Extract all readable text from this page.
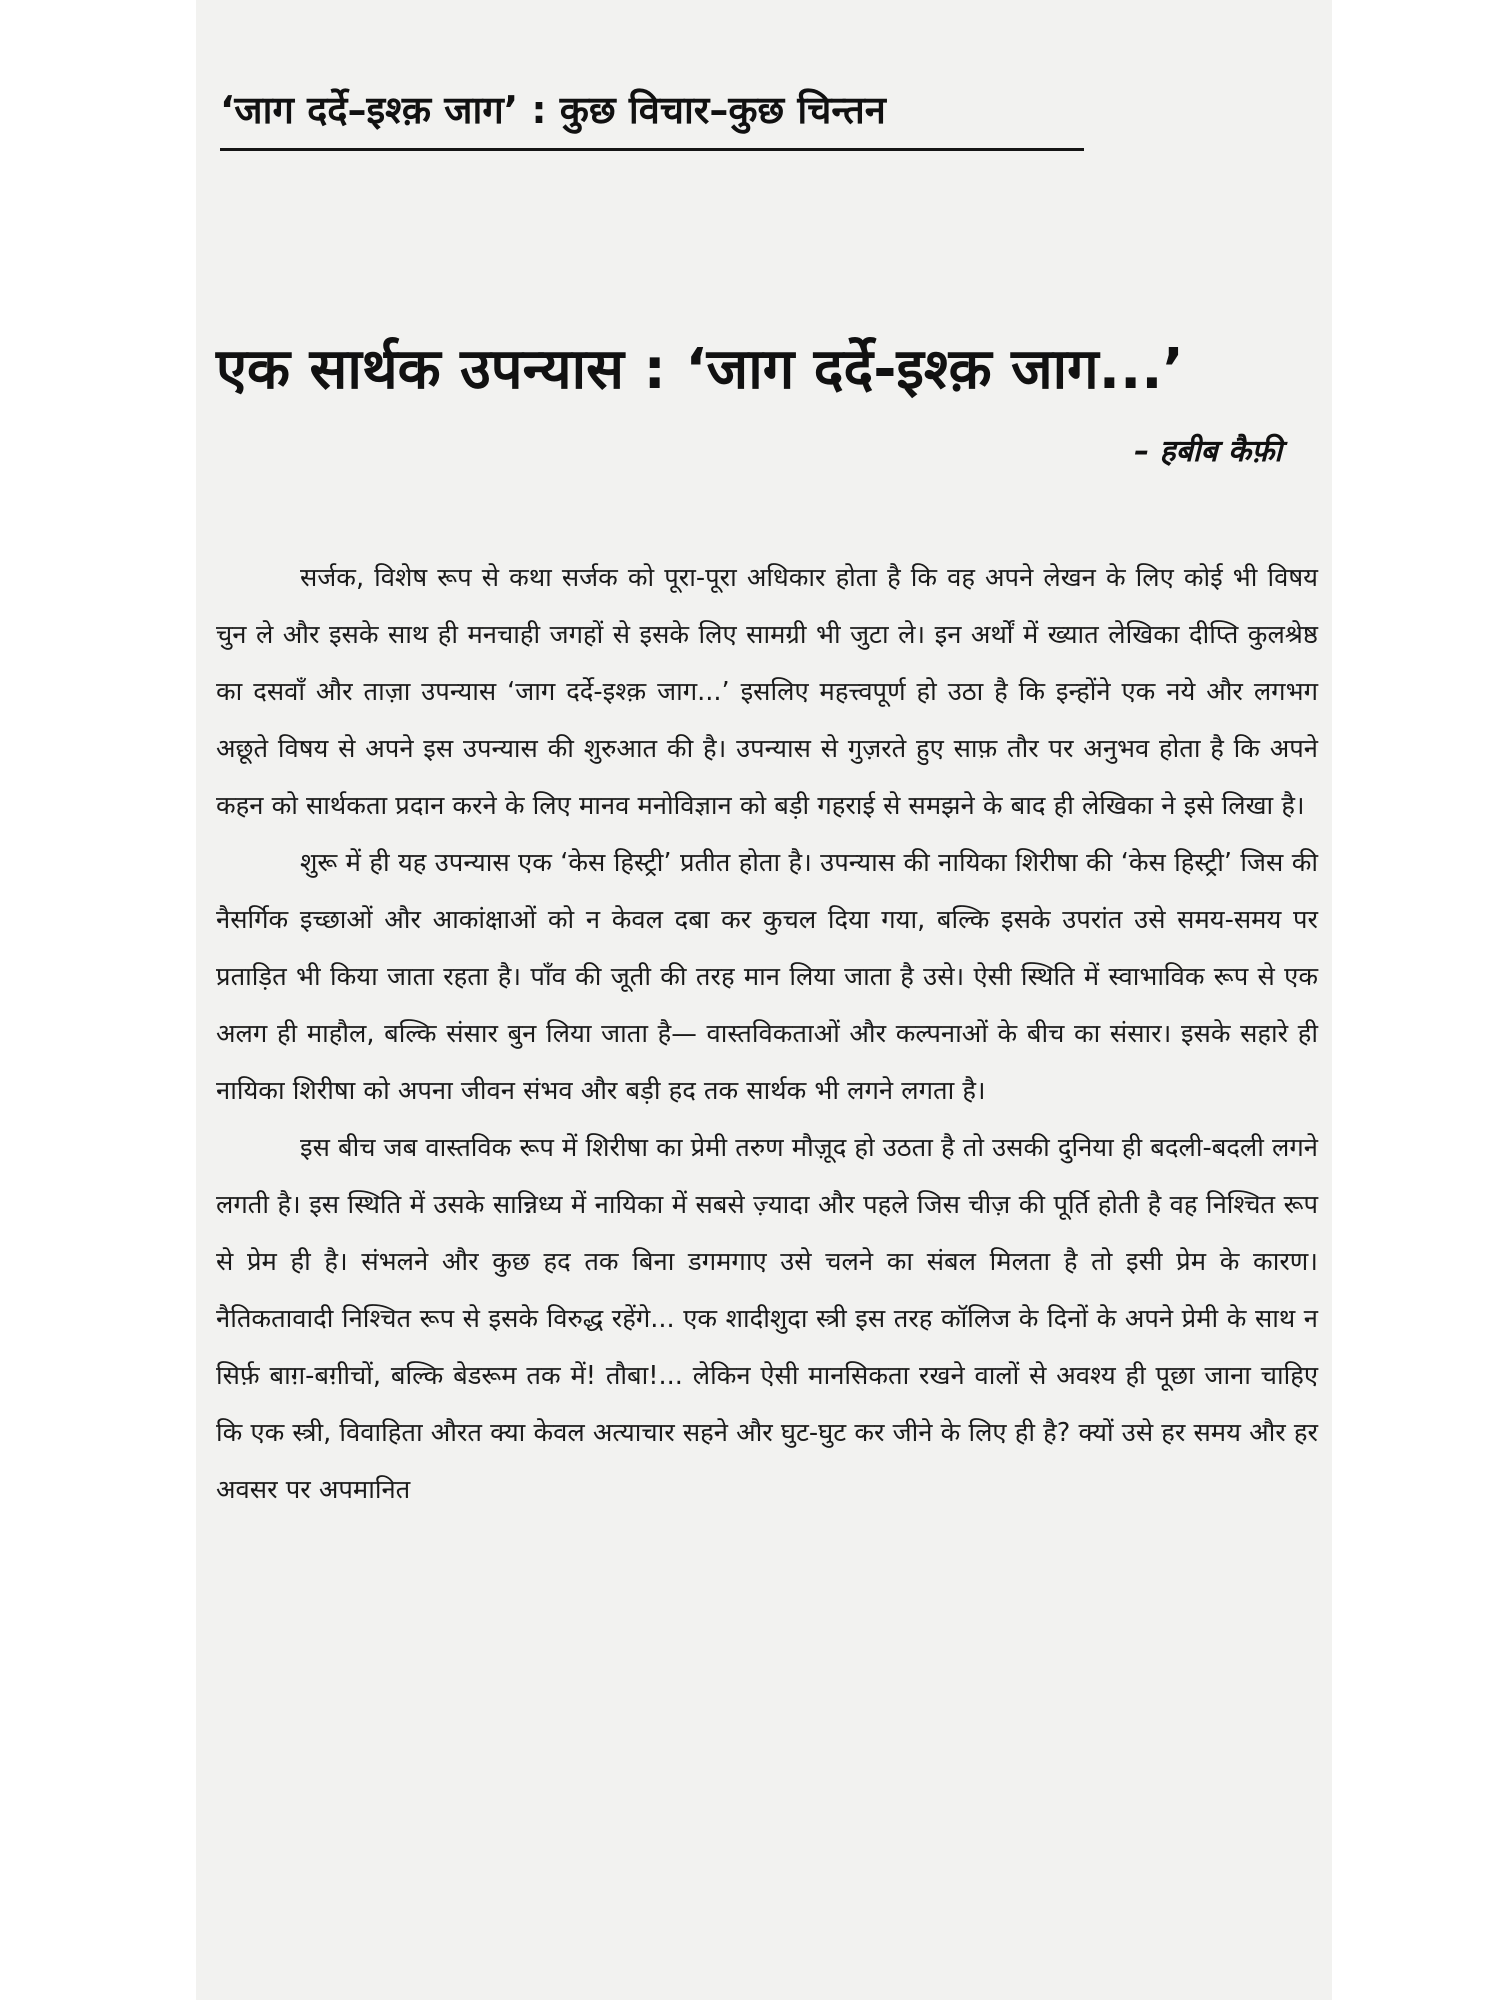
‘जाग दर्दे–इश्क़ जाग’ : कुछ विचार–कुछ चिन्तन
एक सार्थक उपन्यास : ‘जाग दर्दे-इश्क़ जाग...’
– हबीब कैफ़ी

सर्जक, विशेष रूप से कथा सर्जक को पूरा-पूरा अधिकार होता है कि वह अपने लेखन के लिए कोई भी विषय चुन ले और इसके साथ ही मनचाही जगहों से इसके लिए सामग्री भी जुटा ले। इन अर्थों में ख्यात लेखिका दीप्ति कुलश्रेष्ठ का दसवाँ और ताज़ा उपन्यास ‘जाग दर्दे-इश्क़ जाग...’ इसलिए महत्त्वपूर्ण हो उठा है कि इन्होंने एक नये और लगभग अछूते विषय से अपने इस उपन्यास की शुरुआत की है। उपन्यास से गुज़रते हुए साफ़ तौर पर अनुभव होता है कि अपने कहन को सार्थकता प्रदान करने के लिए मानव मनोविज्ञान को बड़ी गहराई से समझने के बाद ही लेखिका ने इसे लिखा है।

शुरू में ही यह उपन्यास एक ‘केस हिस्ट्री’ प्रतीत होता है। उपन्यास की नायिका शिरीषा की ‘केस हिस्ट्री’ जिस की नैसर्गिक इच्छाओं और आकांक्षाओं को न केवल दबा कर कुचल दिया गया, बल्कि इसके उपरांत उसे समय-समय पर प्रताड़ित भी किया जाता रहता है। पाँव की जूती की तरह मान लिया जाता है उसे। ऐसी स्थिति में स्वाभाविक रूप से एक अलग ही माहौल, बल्कि संसार बुन लिया जाता है— वास्तविकताओं और कल्पनाओं के बीच का संसार। इसके सहारे ही नायिका शिरीषा को अपना जीवन संभव और बड़ी हद तक सार्थक भी लगने लगता है।

इस बीच जब वास्तविक रूप में शिरीषा का प्रेमी तरुण मौज़ूद हो उठता है तो उसकी दुनिया ही बदली-बदली लगने लगती है। इस स्थिति में उसके सान्निध्य में नायिका में सबसे ज़्यादा और पहले जिस चीज़ की पूर्ति होती है वह निश्चित रूप से प्रेम ही है। संभलने और कुछ हद तक बिना डगमगाए उसे चलने का संबल मिलता है तो इसी प्रेम के कारण। नैतिकतावादी निश्चित रूप से इसके विरुद्ध रहेंगे... एक शादीशुदा स्त्री इस तरह कॉलिज के दिनों के अपने प्रेमी के साथ न सिर्फ़ बाग़-बग़ीचों, बल्कि बेडरूम तक में! तौबा!... लेकिन ऐसी मानसिकता रखने वालों से अवश्य ही पूछा जाना चाहिए कि एक स्त्री, विवाहिता औरत क्या केवल अत्याचार सहने और घुट-घुट कर जीने के लिए ही है? क्यों उसे हर समय और हर अवसर पर अपमानित
